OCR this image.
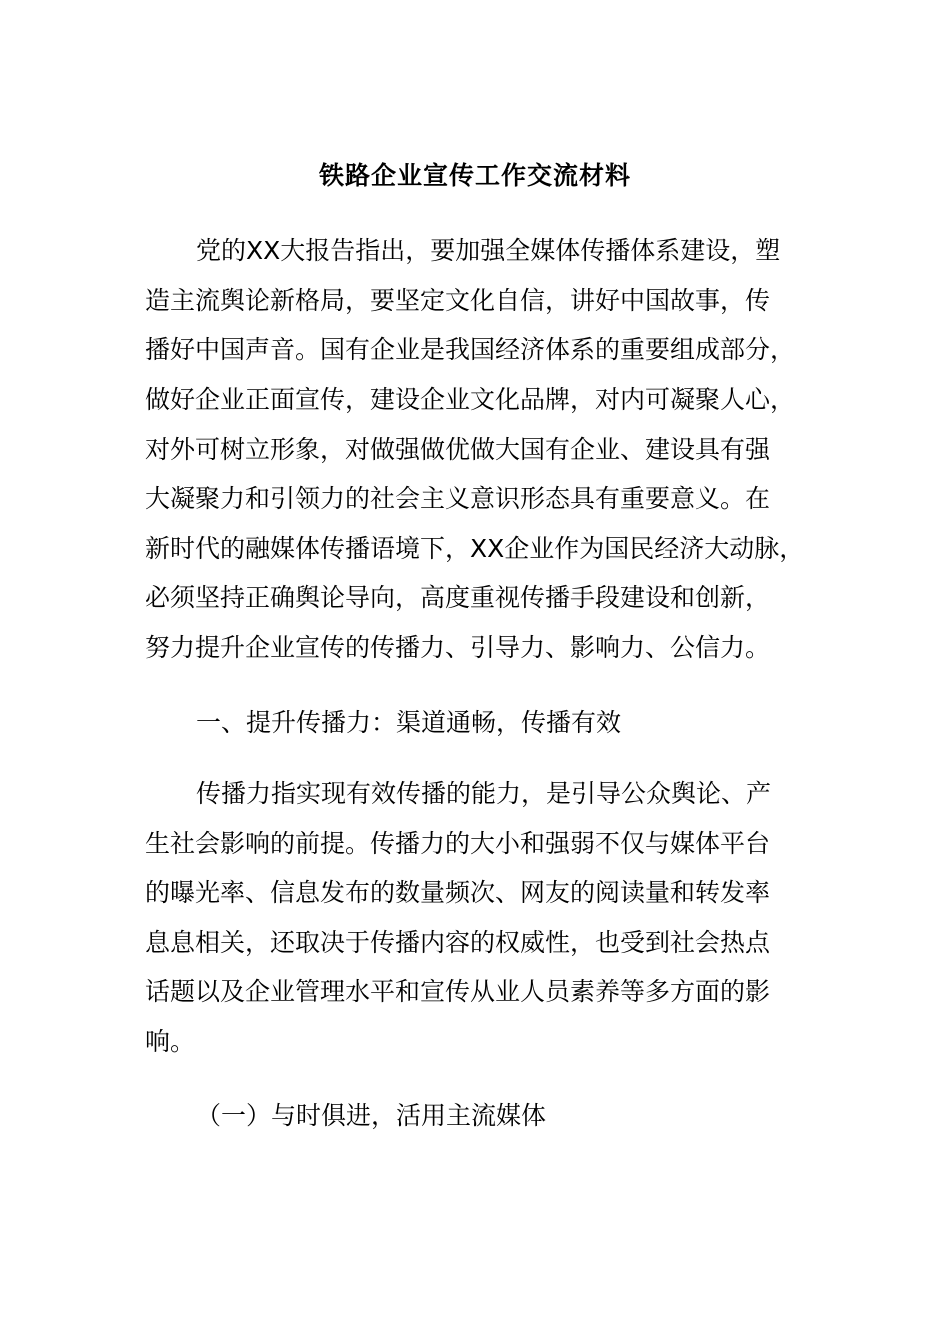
铁路企业宣传工作交流材料
党的XX大报告指出，要加强全媒体传播体系建设，塑
造主流舆论新格局，要坚定文化自信，讲好中国故事，传
播好中国声音。国有企业是我国经济体系的重要组成部分，
做好企业正面宣传，建设企业文化品牌，对内可凝聚人心，
对外可树立形象，对做强做优做大国有企业、建设具有强
大凝聚力和引领力的社会主义意识形态具有重要意义。在
新时代的融媒体传播语境下，XX企业作为国民经济大动脉，
必须坚持正确舆论导向，高度重视传播手段建设和创新，
努力提升企业宣传的传播力、引导力、影响力、公信力。
一、提升传播力：渠道通畅，传播有效
传播力指实现有效传播的能力，是引导公众舆论、产
生社会影响的前提。传播力的大小和强弱不仅与媒体平台
的曝光率、信息发布的数量频次、网友的阅读量和转发率
息息相关，还取决于传播内容的权威性，也受到社会热点
话题以及企业管理水平和宣传从业人员素养等多方面的影
响。
（一）与时俱进，活用主流媒体
